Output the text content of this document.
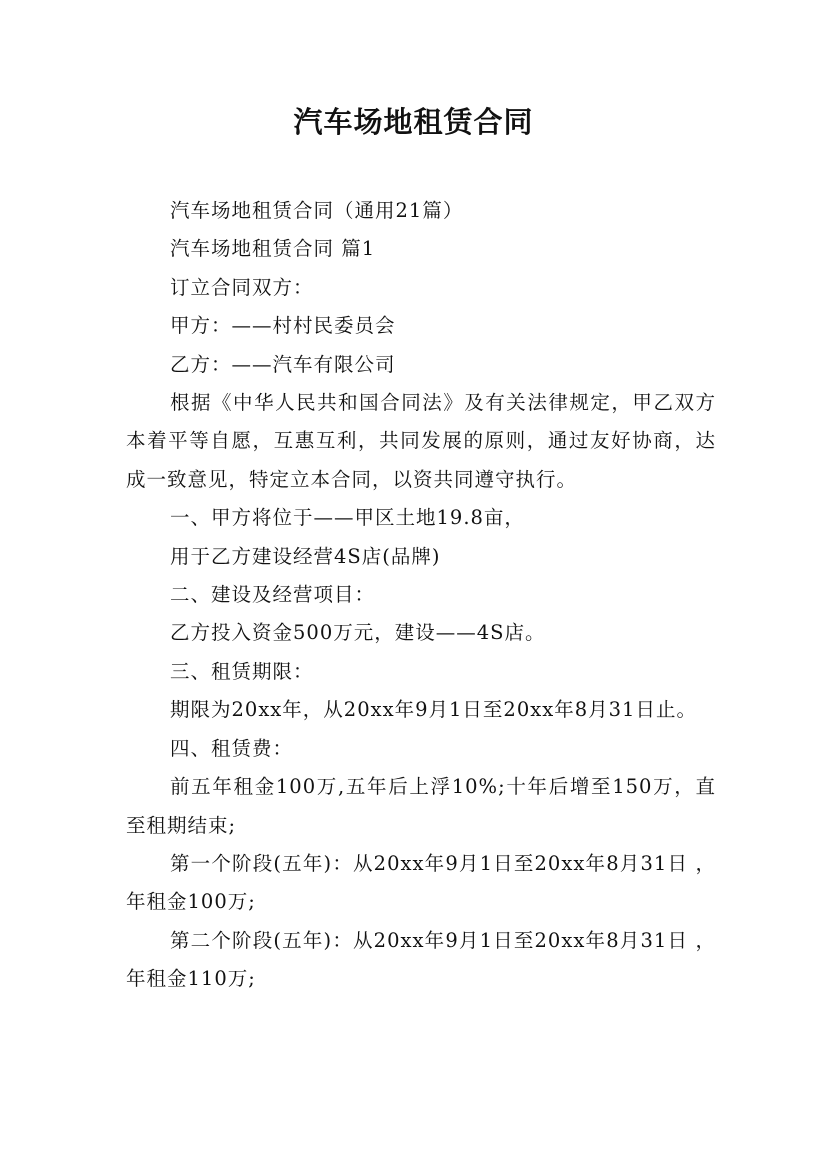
汽车场地租赁合同

汽车场地租赁合同（通用21篇）

汽车场地租赁合同 篇1

订立合同双方：

甲方：——村村民委员会

乙方：——汽车有限公司

根据《中华人民共和国合同法》及有关法律规定，甲乙双方本着平等自愿，互惠互利，共同发展的原则，通过友好协商，达成一致意见，特定立本合同，以资共同遵守执行。

一、甲方将位于——甲区土地19.8亩，

用于乙方建设经营4S店(品牌)

二、建设及经营项目：

乙方投入资金500万元，建设——4S店。

三、租赁期限：

期限为20xx年，从20xx年9月1日至20xx年8月31日止。

四、租赁费：

前五年租金100万,五年后上浮10%;十年后增至150万，直至租期结束;

第一个阶段(五年)：从20xx年9月1日至20xx年8月31日 ，年租金100万;

第二个阶段(五年)：从20xx年9月1日至20xx年8月31日 ，年租金110万;
